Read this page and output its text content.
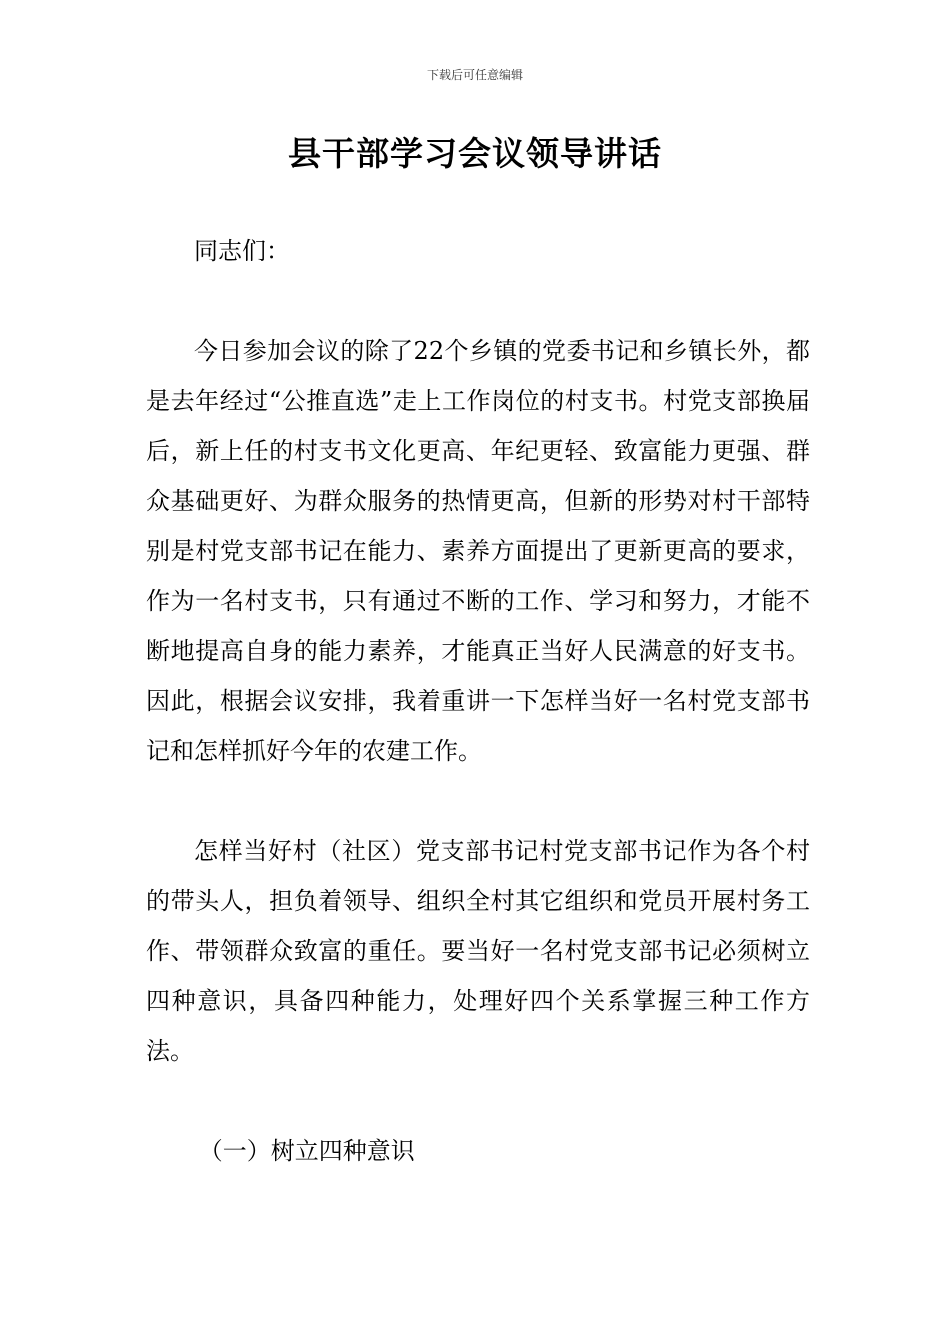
下载后可任意编辑
县干部学习会议领导讲话

同志们：

今日参加会议的除了22个乡镇的党委书记和乡镇长外，都是去年经过“公推直选”走上工作岗位的村支书。村党支部换届后，新上任的村支书文化更高、年纪更轻、致富能力更强、群众基础更好、为群众服务的热情更高，但新的形势对村干部特别是村党支部书记在能力、素养方面提出了更新更高的要求，作为一名村支书，只有通过不断的工作、学习和努力，才能不断地提高自身的能力素养，才能真正当好人民满意的好支书。因此，根据会议安排，我着重讲一下怎样当好一名村党支部书记和怎样抓好今年的农建工作。

怎样当好村（社区）党支部书记村党支部书记作为各个村的带头人，担负着领导、组织全村其它组织和党员开展村务工作、带领群众致富的重任。要当好一名村党支部书记必须树立四种意识，具备四种能力，处理好四个关系掌握三种工作方法。

（一）树立四种意识
